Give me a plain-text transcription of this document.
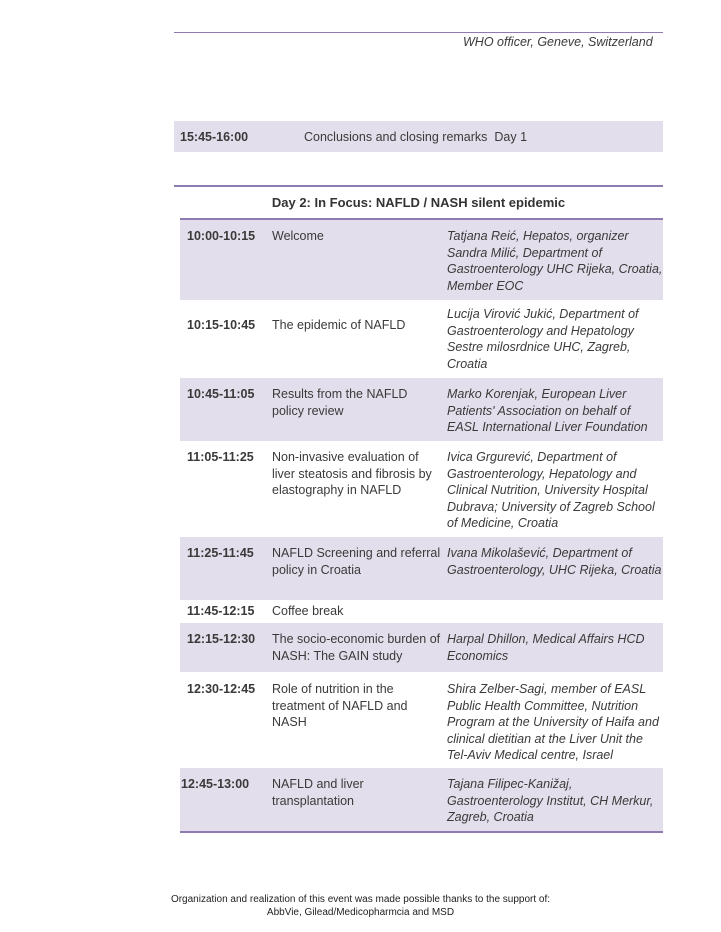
WHO officer, Geneve, Switzerland
15:45-16:00	Conclusions and closing remarks  Day 1
Day 2: In Focus: NAFLD / NASH silent epidemic
10:00-10:15 Welcome	Tatjana Reić, Hepatos, organizer Sandra Milić, Department of Gastroenterology UHC Rijeka, Croatia, Member EOC
10:15-10:45 The epidemic of NAFLD
Lucija Virović Jukić, Department of Gastroenterology and Hepatology Sestre milosrdnice UHC, Zagreb, Croatia
10:45-11:05 Results from the NAFLD policy review
Marko Korenjak, European Liver Patients' Association on behalf of EASL International Liver Foundation
11:05-11:25 Non-invasive evaluation of liver steatosis and fibrosis by elastography in NAFLD
Ivica Grgurević, Department of Gastroenterology, Hepatology and Clinical Nutrition, University Hospital Dubrava; University of Zagreb School of Medicine, Croatia
11:25-11:45 NAFLD Screening and referral policy in Croatia
Ivana Mikolašević, Department of Gastroenterology, UHC Rijeka, Croatia
11:45-12:15 Coffee break
12:15-12:30 The socio-economic burden of NASH: The GAIN study
Harpal Dhillon, Medical Affairs HCD Economics
12:30-12:45 Role of nutrition in the treatment of NAFLD and NASH
Shira Zelber-Sagi, member of EASL Public Health Committee, Nutrition Program at the University of Haifa and clinical dietitian at the Liver Unit the Tel-Aviv Medical centre, Israel
12:45-13:00 NAFLD and liver transplantation
Tajana Filipec-Kanižaj, Gastroenterology Institut, CH Merkur, Zagreb, Croatia
Organization and realization of this event was made possible thanks to the support of:
AbbVie, Gilead/Medicopharmcia and MSD
